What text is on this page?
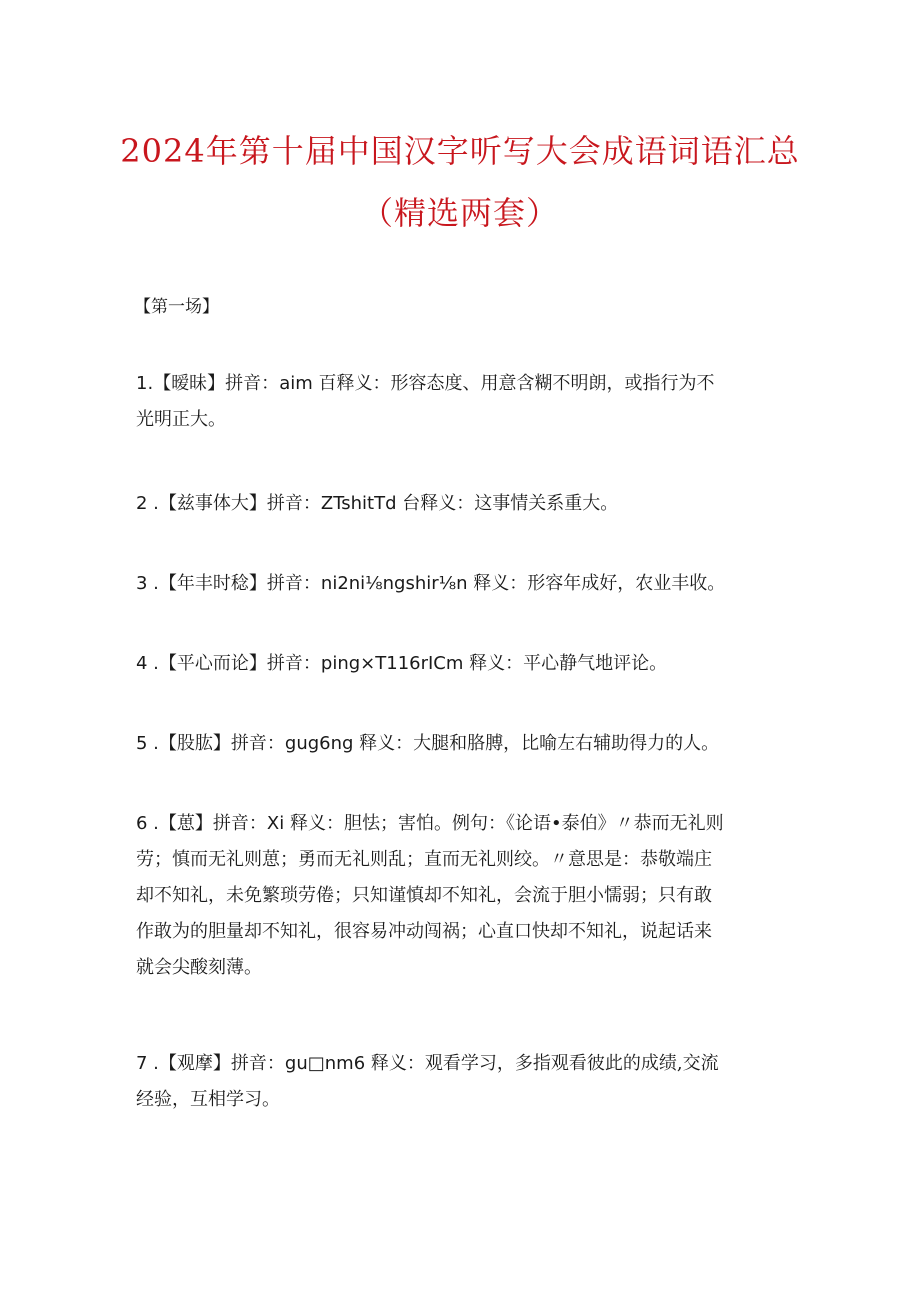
2024年第十届中国汉字听写大会成语词语汇总
（精选两套）
【第一场】
1.【暧昧】拼音：aim 百释义：形容态度、用意含糊不明朗，或指行为不
光明正大。
2 .【兹事体大】拼音：ZTshitTd 台释义：这事情关系重大。
3 .【年丰时稔】拼音：ni2ni⅛ngshir⅛n 释义：形容年成好，农业丰收。
4 .【平心而论】拼音：ping×T116rICm 释义：平心静气地评论。
5 .【股肱】拼音：gug6ng 释义：大腿和胳膊，比喻左右辅助得力的人。
6 .【葸】拼音：Xi 释义：胆怯；害怕。例句：《论语•泰伯》〃恭而无礼则
劳；慎而无礼则葸；勇而无礼则乱；直而无礼则绞。〃意思是：恭敬端庄
却不知礼，未免繁琐劳倦；只知谨慎却不知礼，会流于胆小懦弱；只有敢
作敢为的胆量却不知礼，很容易冲动闯祸；心直口快却不知礼，说起话来
就会尖酸刻薄。
7 .【观摩】拼音：gu□nm6 释义：观看学习，多指观看彼此的成绩,交流
经验，互相学习。
